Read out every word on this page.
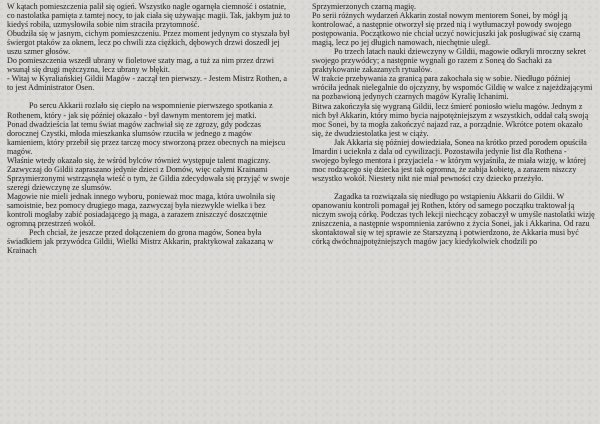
W kątach pomieszczenia palił się ogień. Wszystko nagle ogarnęła ciemność i ostatnie, co nastolatka pamięta z tamtej nocy, to jak ciała się używając magii. Tak, jakbym już to kiedyś robiła, uzmysłowiła sobie nim straciła przytomność.

Obudziła się w jasnym, cichym pomieszczeniu. Przez moment jedynym co styszała był świergot ptaków za oknem, lecz po chwili zza ciężkich, dębowych drzwi doszedł jej uszu szmer głosów.

Do pomieszczenia wszedł ubrany w fioletowe szaty mag, a tuż za nim przez drzwi wsunął się drugi mężczyzna, lecz ubrany w błękit.

- Witaj w Kyraliańskiej Gildii Magów - zaczął ten pierwszy. - Jestem Mistrz Rothen, a to jest Administrator Osen.

Po sercu Akkarii rozlało się ciepło na wspomnienie pierwszego spotkania z Rothenem, który - jak się później okazało - był dawnym mentorem jej matki.

Ponad dwadzieścia lat temu świat magów zachwiał się ze zgrozy, gdy podczas dorocznej Czystki, młoda mieszkanka slumsów rzuciła w jednego z magów kamieniem, który przebił się przez tarczę mocy stworzoną przez obecnych na miejscu magów.

Właśnie wtedy okazało się, że wśród bylców również występuje talent magiczny.

Zazwyczaj do Gildii zapraszano jedynie dzieci z Domów, więc całymi Krainami Sprzymierzonymi wstrząsnęła wieść o tym, że Gildia zdecydowała się przyjąć w swoje szeregi dziewczynę ze slumsów.

Magowie nie mieli jednak innego wyboru, ponieważ moc maga, która uwolniła się samoistnie, bez pomocy drugiego maga, zazwyczaj była niezwykle wielka i bez kontroli mogłaby zabić posiadającego ją maga, a zarazem zniszczyć doszczętnie ogromną przestrzeń wokół.

Pech chciał, że jeszcze przed dołączeniem do grona magów, Sonea była świadkiem jak przywódca Gildii, Wielki Mistrz Akkarin, praktykował zakazaną w Krainach

Sprzymierzonych czarną magię.

Po serii różnych wydarzeń Akkarin został nowym mentorem Sonei, by mógł ją kontrolować, a następnie otworzył się przed nią i wytłumaczył powody swojego postępowania. Początkowo nie chciał uczyć nowicjuszki jak posługiwać się czarną magią, lecz po jej długich namowach, niechętnie uległ.

Po trzech latach nauki dziewczyny w Gildii, magowie odkryli mroczny sekret swojego przywódcy; a następnie wygnali go razem z Soneą do Sachaki za praktykowanie zakazanych rytuałów.

W trakcie przebywania za granicą para zakochała się w sobie. Niedługo później wróciła jednak nielegalnie do ojczyzny, by wspomóc Gildię w walce z najeżdżającymi na pozbawioną jedynych czarnych magów Kyralię Ichanimi.

Bitwa zakończyła się wygraną Gildii, lecz śmierć poniosło wielu magów. Jednym z nich był Akkarin, który mimo bycia najpotężniejszym z wszystkich, oddał całą swoją moc Sonei, by ta mogła zakończyć najazd raz, a porządnie. Wkrótce potem okazało się, że dwudziestolatka jest w ciąży.

Jak Akkaria się później dowiedziała, Sonea na krótko przed porodem opuściła Imardin i ucieknła z dala od cywilizacji. Pozostawiła jedynie list dla Rothena - swojego byłego mentora i przyjaciela - w którym wyjaśniła, że miała wizję, w której moc rodzącego się dziecka jest tak ogromna, że zabija kobietę, a zarazem niszczy wszystko wokół. Niestety nikt nie miał pewności czy dziecko przeżyło.

Zagadka ta rozwiązała się niedługo po wstąpieniu Akkarii do Gildii. W opanowaniu kontroli pomagał jej Rothen, który od samego początku traktował ją niczym swoją córkę. Podczas tych lekcji niechcący zobaczył w umyśle nastolatki wizję zniszczenia, a następnie wspomnienia zarówno z życia Sonei, jak i Akkarina. Od razu skontaktował się w tej sprawie ze Starszyzną i potwierdzono, że Akkaria musi być córką dwóchnajpotężniejszych magów jacy kiedykolwiek chodzili po
